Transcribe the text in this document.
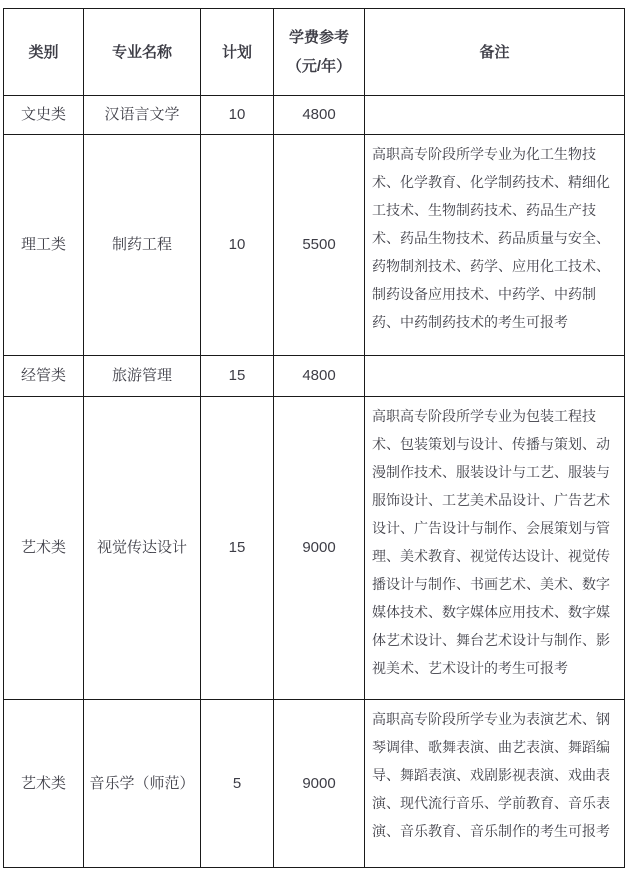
类别	专业名称	计划	学费参考（元/年）	备注
文史类	汉语言文学	10	4800	
理工类	制药工程	10	5500	高职高专阶段所学专业为化工生物技术、化学教育、化学制药技术、精细化工技术、生物制药技术、药品生产技术、药品生物技术、药品质量与安全、药物制剂技术、药学、应用化工技术、制药设备应用技术、中药学、中药制药、中药制药技术的考生可报考
经管类	旅游管理	15	4800	
艺术类	视觉传达设计	15	9000	高职高专阶段所学专业为包装工程技术、包装策划与设计、传播与策划、动漫制作技术、服装设计与工艺、服装与服饰设计、工艺美术品设计、广告艺术设计、广告设计与制作、会展策划与管理、美术教育、视觉传达设计、视觉传播设计与制作、书画艺术、美术、数字媒体技术、数字媒体应用技术、数字媒体艺术设计、舞台艺术设计与制作、影视美术、艺术设计的考生可报考
艺术类	音乐学（师范）	5	9000	高职高专阶段所学专业为表演艺术、钢琴调律、歌舞表演、曲艺表演、舞蹈编导、舞蹈表演、戏剧影视表演、戏曲表演、现代流行音乐、学前教育、音乐表演、音乐教育、音乐制作的考生可报考
